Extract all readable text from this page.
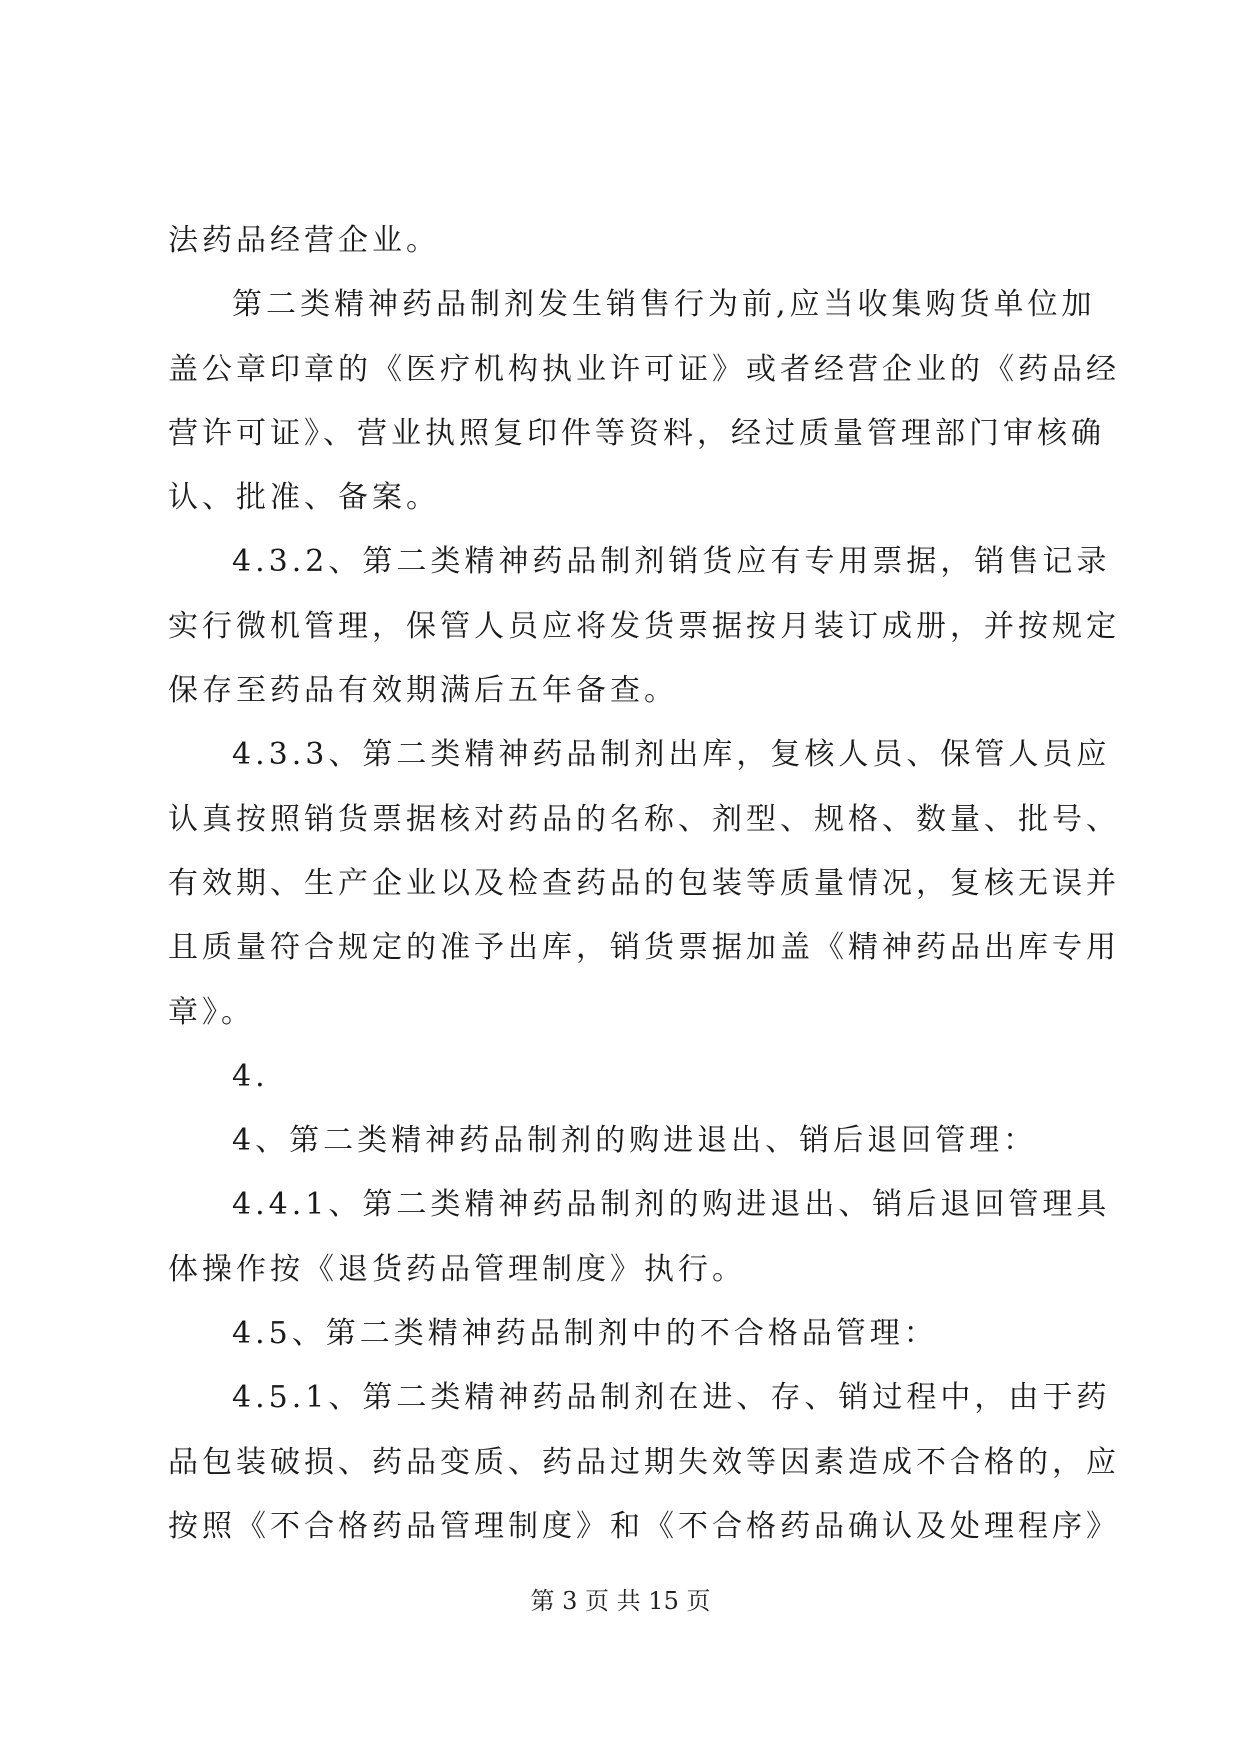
法药品经营企业。
第二类精神药品制剂发生销售行为前,应当收集购货单位加
盖公章印章的《医疗机构执业许可证》或者经营企业的《药品经
营许可证》、营业执照复印件等资料，经过质量管理部门审核确
认、批准、备案。
4.3.2、第二类精神药品制剂销货应有专用票据，销售记录
实行微机管理，保管人员应将发货票据按月装订成册，并按规定
保存至药品有效期满后五年备查。
4.3.3、第二类精神药品制剂出库，复核人员、保管人员应
认真按照销货票据核对药品的名称、剂型、规格、数量、批号、
有效期、生产企业以及检查药品的包装等质量情况，复核无误并
且质量符合规定的准予出库，销货票据加盖《精神药品出库专用
章》。
4.
4、第二类精神药品制剂的购进退出、销后退回管理：
4.4.1、第二类精神药品制剂的购进退出、销后退回管理具
体操作按《退货药品管理制度》执行。
4.5、第二类精神药品制剂中的不合格品管理：
4.5.1、第二类精神药品制剂在进、存、销过程中，由于药
品包装破损、药品变质、药品过期失效等因素造成不合格的，应
按照《不合格药品管理制度》和《不合格药品确认及处理程序》
第 3 页 共 15 页
